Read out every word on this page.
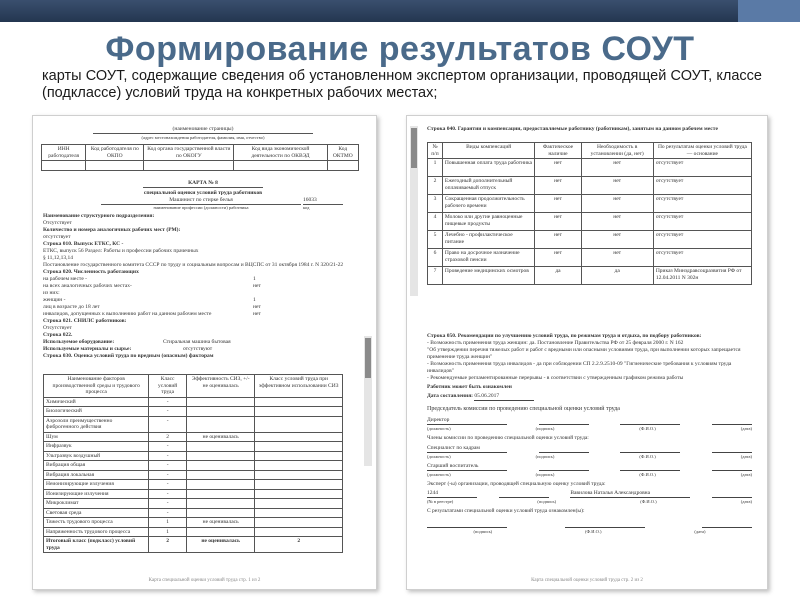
Формирование результатов СОУТ
карты СОУТ, содержащие сведения об установленном экспертом организации, проводящей СОУТ, классе (подклассе) условий труда на конкретных рабочих местах;
(наименование страницы)
(адрес местонахождения работодателя, фамилия, имя, отчество)
ИНН работодателя	Код работодателя по ОКПО	Код органа государственной власти по ОКОГУ	Код вида экономической деятельности по ОКВЭД	Код ОКТМО

КАРТА № 8
специальной оценки условий труда работников
Машинист по стирке белья	16033
наименование профессии (должности) работника	код
Наименование структурного подразделения:
Отсутствует
Количество и номера аналогичных рабочих мест (РМ):
отсутствует
Строка 010. Выпуск ЕТКС, КС -
ЕТКС, выпуск 56 Раздел: Работы и профессии рабочих прачечных
§ 11,12,13,14
Постановление государственного комитета СССР по труду и социальным вопросам и ВЦСПС от 31 октября 1984 г. N 320/21-22
Строка 020. Численность работающих
на рабочем месте -	1
на всех аналогичных рабочих местах-	нет
из них:
женщин -	1
лиц в возрасте до 18 лет	нет
инвалидов, допущенных к выполнению работ на данном рабочем месте	нет
Строка 021. СНИЛС работников:
Отсутствует
Строка 022.
Используемое оборудование:	Стиральная машина бытовая
Используемые материалы и сырье:	отсутствуют
Строка 030. Оценка условий труда по вредным (опасным) факторам
Наименование факторов производственной среды и трудового процесса	Класс условий труда	Эффективность СИЗ, +/- не оценивалась	Класс условий труда при эффективном использовании СИЗ
Химический	-		
Биологический	-		
Аэрозоли преимущественно фиброгенного действия	-		
Шум	2	не оценивалась	
Инфразвук	-		
Ультразвук воздушный	-		
Вибрация общая	-		
Вибрация локальная	-		
Неионизирующие излучения	-		
Ионизирующие излучения	-		
Микроклимат	-		
Световая среда	-		
Тяжесть трудового процесса	1	не оценивалась	
Напряженность трудового процесса	1		
Итоговый класс (подкласс) условий труда	2	не оценивалась	2
Карта специальной оценки условий труда стр. 1 из 2
Строка 040. Гарантии и компенсации, предоставляемые работнику (работникам), занятым на данном рабочем месте
№ п/п	Виды компенсаций	Фактическое наличие	Необходимость в установлении (да, нет)	По результатам оценки условий труда — основание
1	Повышенная оплата труда работника	нет	нет	отсутствует
2	Ежегодный дополнительный оплачиваемый отпуск	нет	нет	отсутствует
3	Сокращенная продолжительность рабочего времени	нет	нет	отсутствует
4	Молоко или другие равноценные пищевые продукты	нет	нет	отсутствует
5	Лечебно - профилактическое питание	нет	нет	отсутствует
6	Право на досрочное назначение страховой пенсии	нет	нет	отсутствует
7	Проведение медицинских осмотров	да	да	Приказ Минздравсоцразвития РФ от 12.04.2011 N 302н
Строка 050. Рекомендации по улучшению условий труда, по режимам труда и отдыха, по подбору работников:
- Возможность применения труда женщин: да. Постановление Правительства РФ от 25 февраля 2000 г. N 162
"Об утверждении перечня тяжелых работ и работ с вредными или опасными условиями труда, при выполнении которых запрещается применение труда женщин"
- Возможность применения труда инвалидов - да при соблюдении СП 2.2.9.2510-09 "Гигиенические требования к условиям труда инвалидов"
- Рекомендуемые регламентированные перерывы - в соответствии с утвержденным графиком режима работы
Работник может быть ознакомлен
Дата составления: 05.06.2017
Председатель комиссии по проведению специальной оценки условий труда
Директор

(должность)	(подпись)	(Ф.И.О.)	(дата)
Члены комиссии по проведению специальной оценки условий труда:
Специалист по кадрам

(должность)	(подпись)	(Ф.И.О.)	(дата)
Старший воспитатель

(должность)	(подпись)	(Ф.И.О.)	(дата)
Эксперт (-ы) организации, проводящей специальную оценку условий труда:
1244
	Вавилова Наталья Александровна

(№ в реестре)	(подпись)	(Ф.И.О.)	(дата)
С результатами специальной оценки условий труда ознакомлен(ы):

(подпись)	(Ф.И.О.)	(дата)
Карта специальной оценки условий труда стр. 2 из 2
